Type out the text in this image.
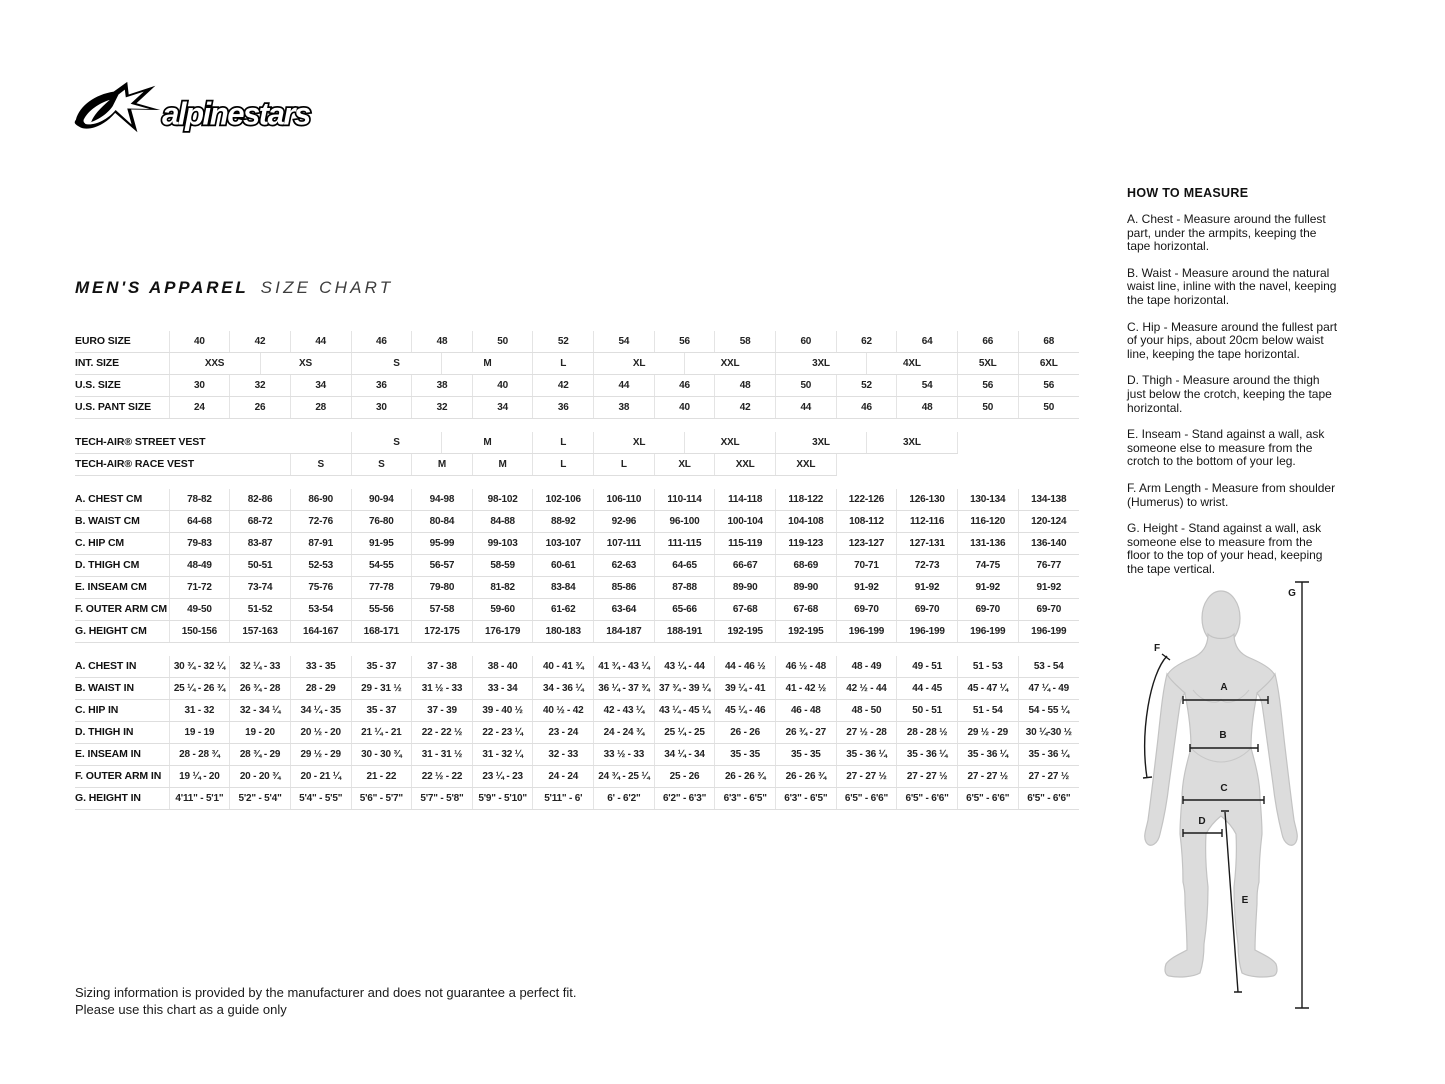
alpinestars
MEN'S APPAREL SIZE CHART
EURO SIZE	40	42		44	46	48		50	52	54	56		58	60	62		64	66	68
INT. SIZE	XXS		XS		S		M		L	XL		XXL		3XL		4XL		5XL	6XL
U.S. SIZE	30	32		34	36	38		40	42	44	46		48	50	52		54	56	56
U.S. PANT SIZE	24	26		28	30	32		34	36	38	40		42	44	46		48	50	50

TECH-AIR® STREET VEST					S		M		L	XL		XXL		3XL		3XL			
TECH-AIR® RACE VEST				S	S	M		M	L	L	XL		XXL	XXL					

A. CHEST CM	78-82	82-86		86-90	90-94	94-98		98-102	102-106	106-110	110-114		114-118	118-122	122-126		126-130	130-134	134-138
B. WAIST CM	64-68	68-72		72-76	76-80	80-84		84-88	88-92	92-96	96-100		100-104	104-108	108-112		112-116	116-120	120-124
C. HIP CM	79-83	83-87		87-91	91-95	95-99		99-103	103-107	107-111	111-115		115-119	119-123	123-127		127-131	131-136	136-140
D. THIGH CM	48-49	50-51		52-53	54-55	56-57		58-59	60-61	62-63	64-65		66-67	68-69	70-71		72-73	74-75	76-77
E. INSEAM CM	71-72	73-74		75-76	77-78	79-80		81-82	83-84	85-86	87-88		89-90	89-90	91-92		91-92	91-92	91-92
F. OUTER ARM CM	49-50	51-52		53-54	55-56	57-58		59-60	61-62	63-64	65-66		67-68	67-68	69-70		69-70	69-70	69-70
G. HEIGHT CM	150-156	157-163		164-167	168-171	172-175		176-179	180-183	184-187	188-191		192-195	192-195	196-199		196-199	196-199	196-199

A. CHEST IN	30 ¾ - 32 ¼	32 ¼ - 33		33 - 35	35 - 37	37 - 38		38 - 40	40 - 41 ¾	41 ¾ - 43 ¼	43 ¼ - 44		44 - 46 ½	46 ½ - 48	48 - 49		49 - 51	51 - 53	53 - 54
B. WAIST IN	25 ¼ - 26 ¾	26 ¾ - 28		28 - 29	29 - 31 ½	31 ½ - 33		33 - 34	34 - 36 ¼	36 ¼ - 37 ¾	37 ¾ - 39 ¼		39 ¼ - 41	41 - 42 ½	42 ½ - 44		44 - 45	45 - 47 ¼	47 ¼ - 49
C. HIP IN	31 - 32	32 - 34 ¼		34 ¼ - 35	35 - 37	37 - 39		39 - 40 ½	40 ½ - 42	42 - 43 ¼	43 ¼ - 45 ¼		45 ¼ - 46	46 - 48	48 - 50		50 - 51	51 - 54	54 - 55 ¼
D. THIGH IN	19 - 19	19 - 20		20 ½ - 20	21 ¼ - 21	22 - 22 ½		22 - 23 ¼	23 - 24	24 - 24 ¾	25 ¼ - 25		26 - 26	26 ¾ - 27	27 ½ - 28		28 - 28 ½	29 ½ - 29	30 ¼-30 ½
E. INSEAM IN	28 - 28 ¾	28 ¾ - 29		29 ½ - 29	30 - 30 ¾	31 - 31 ½		31 - 32 ¼	32 - 33	33 ½ - 33	34 ¼ - 34		35 - 35	35 - 35	35 - 36 ¼		35 - 36 ¼	35 - 36 ¼	35 - 36 ¼
F. OUTER ARM IN	19 ¼ - 20	20 - 20 ¾		20 - 21 ¼	21 - 22	22 ½ - 22		23 ¼ - 23	24 - 24	24 ¾ - 25 ¼	25 - 26		26 - 26 ¾	26 - 26 ¾	27 - 27 ½		27 - 27 ½	27 - 27 ½	27 - 27 ½
G. HEIGHT IN	4'11" - 5'1"	5'2" - 5'4"		5'4" - 5'5"	5'6" - 5'7"	5'7" - 5'8"		5'9" - 5'10"	5'11" - 6'	6' - 6'2"	6'2" - 6'3"		6'3" - 6'5"	6'3" - 6'5"	6'5" - 6'6"		6'5" - 6'6"	6'5" - 6'6"	6'5" - 6'6"
HOW TO MEASURE

A. Chest - Measure around the fullest part, under the armpits, keeping the tape horizontal.

B. Waist - Measure around the natural waist line, inline with the navel, keeping the tape horizontal.

C. Hip - Measure around the fullest part of your hips, about 20cm below waist line, keeping the tape horizontal.

D. Thigh - Measure around the thigh just below the crotch, keeping the tape horizontal.

E. Inseam - Stand against a wall, ask someone else to measure from the crotch to the bottom of your leg.

F. Arm Length - Measure from shoulder (Humerus) to wrist.

G. Height - Stand against a wall, ask someone else to measure from the floor to the top of your head, keeping the tape vertical.

A
B
C
D
E
F
G
Sizing information is provided by the manufacturer and does not guarantee a perfect fit.
Please use this chart as a guide only
